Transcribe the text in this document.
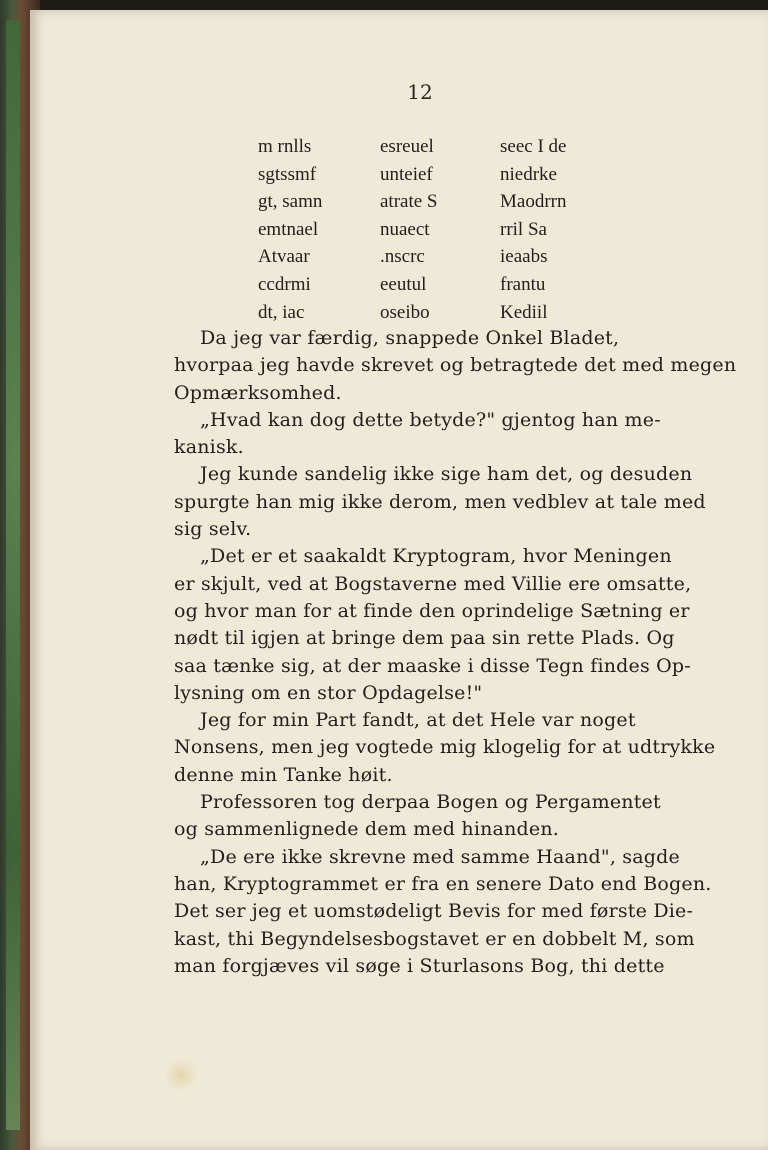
12
m rnlls	esreuel	seec I de
sgtssmf	unteief	niedrke
gt, samn	atrate S	Maodrrn
emtnael	nuaect	rril Sa
Atvaar	.nscrc	ieaabs
ccdrmi	eeutul	frantu
dt, iac	oseibo	Kediil
Da jeg var færdig, snappede Onkel Bladet,
hvorpaa jeg havde skrevet og betragtede det med megen
Opmærksomhed.
„Hvad kan dog dette betyde?" gjentog han me-
kanisk.
Jeg kunde sandelig ikke sige ham det, og desuden
spurgte han mig ikke derom, men vedblev at tale med
sig selv.
„Det er et saakaldt Kryptogram, hvor Meningen
er skjult, ved at Bogstaverne med Villie ere omsatte,
og hvor man for at finde den oprindelige Sætning er
nødt til igjen at bringe dem paa sin rette Plads. Og
saa tænke sig, at der maaske i disse Tegn findes Op-
lysning om en stor Opdagelse!"
Jeg for min Part fandt, at det Hele var noget
Nonsens, men jeg vogtede mig klogelig for at udtrykke
denne min Tanke høit.
Professoren tog derpaa Bogen og Pergamentet
og sammenlignede dem med hinanden.
„De ere ikke skrevne med samme Haand", sagde
han, Kryptogrammet er fra en senere Dato end Bogen.
Det ser jeg et uomstødeligt Bevis for med første Die-
kast, thi Begyndelsesbogstavet er en dobbelt M, som
man forgjæves vil søge i Sturlasons Bog, thi dette
